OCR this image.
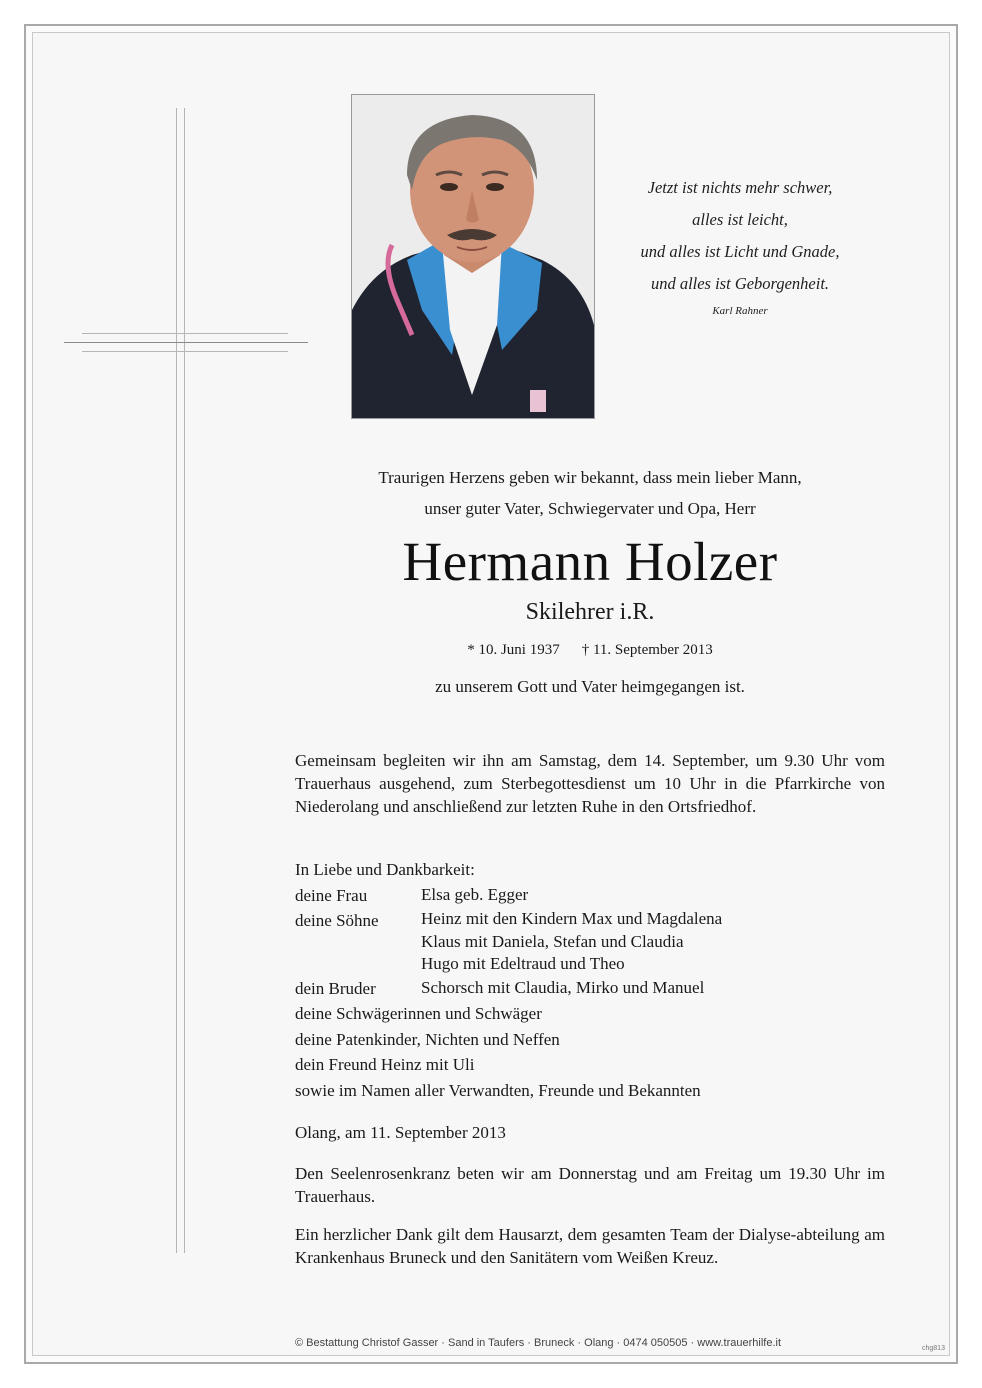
Jetzt ist nichts mehr schwer,
alles ist leicht,
und alles ist Licht und Gnade,
und alles ist Geborgenheit.
Karl Rahner
Traurigen Herzens geben wir bekannt, dass mein lieber Mann,
unser guter Vater, Schwiegervater und Opa, Herr
Hermann Holzer
Skilehrer i.R.
* 10. Juni 1937 † 11. September 2013
zu unserem Gott und Vater heimgegangen ist.
Gemeinsam begleiten wir ihn am Samstag, dem 14. September, um 9.30 Uhr vom Trauerhaus ausgehend, zum Sterbegottesdienst um 10 Uhr in die Pfarrkirche von Niederolang und anschließend zur letzten Ruhe in den Ortsfriedhof.
In Liebe und Dankbarkeit:
deine Frau	Elsa geb. Egger
deine Söhne	Heinz mit den Kindern Max und Magdalena
Klaus mit Daniela, Stefan und Claudia
Hugo mit Edeltraud und Theo
dein Bruder	Schorsch mit Claudia, Mirko und Manuel
deine Schwägerinnen und Schwäger
deine Patenkinder, Nichten und Neffen
dein Freund Heinz mit Uli
sowie im Namen aller Verwandten, Freunde und Bekannten
Olang, am 11. September 2013
Den Seelenrosenkranz beten wir am Donnerstag und am Freitag um 19.30 Uhr im Trauerhaus.
Ein herzlicher Dank gilt dem Hausarzt, dem gesamten Team der Dialyse-abteilung am Krankenhaus Bruneck und den Sanitätern vom Weißen Kreuz.
© Bestattung Christof Gasser · Sand in Taufers · Bruneck · Olang · 0474 050505 · www.trauerhilfe.it	chg813
